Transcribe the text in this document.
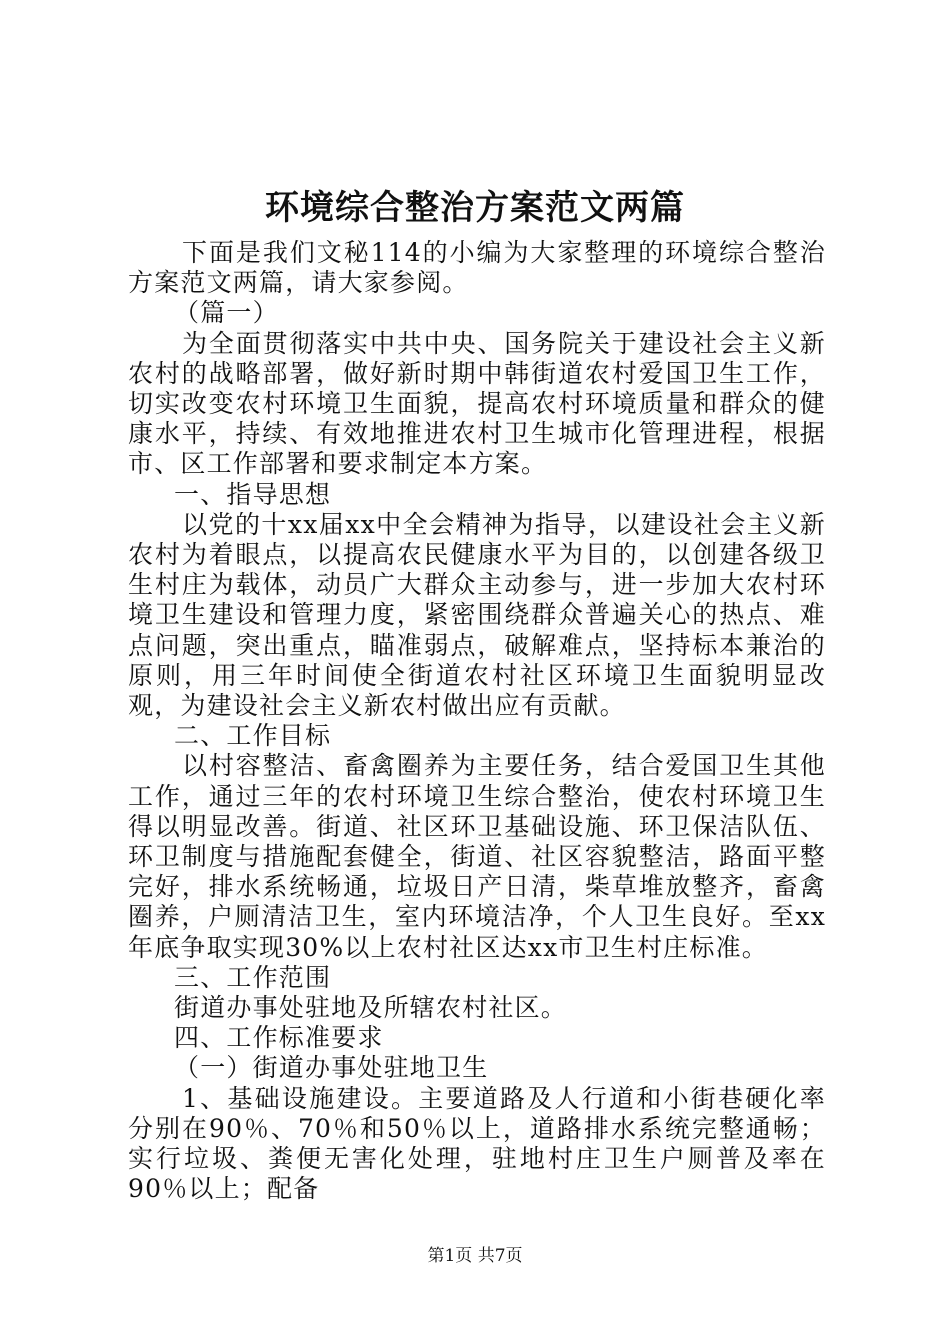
环境综合整治方案范文两篇

下面是我们文秘114的小编为大家整理的环境综合整治方案范文两篇，请大家参阅。

（篇一）

为全面贯彻落实中共中央、国务院关于建设社会主义新农村的战略部署，做好新时期中韩街道农村爱国卫生工作，切实改变农村环境卫生面貌，提高农村环境质量和群众的健康水平，持续、有效地推进农村卫生城市化管理进程，根据市、区工作部署和要求制定本方案。

一、指导思想

以党的十xx届xx中全会精神为指导，以建设社会主义新农村为着眼点，以提高农民健康水平为目的，以创建各级卫生村庄为载体，动员广大群众主动参与，进一步加大农村环境卫生建设和管理力度，紧密围绕群众普遍关心的热点、难点问题，突出重点，瞄准弱点，破解难点，坚持标本兼治的原则，用三年时间使全街道农村社区环境卫生面貌明显改观，为建设社会主义新农村做出应有贡献。

二、工作目标

以村容整洁、畜禽圈养为主要任务，结合爱国卫生其他工作，通过三年的农村环境卫生综合整治，使农村环境卫生得以明显改善。街道、社区环卫基础设施、环卫保洁队伍、环卫制度与措施配套健全，街道、社区容貌整洁，路面平整完好，排水系统畅通，垃圾日产日清，柴草堆放整齐，畜禽圈养，户厕清洁卫生，室内环境洁净，个人卫生良好。至xx年底争取实现30%以上农村社区达xx市卫生村庄标准。

三、工作范围

街道办事处驻地及所辖农村社区。

四、工作标准要求

（一）街道办事处驻地卫生

1、基础设施建设。主要道路及人行道和小街巷硬化率分别在90％、70％和50％以上，道路排水系统完整通畅；实行垃圾、粪便无害化处理，驻地村庄卫生户厕普及率在90％以上；配备

第1页 共7页
